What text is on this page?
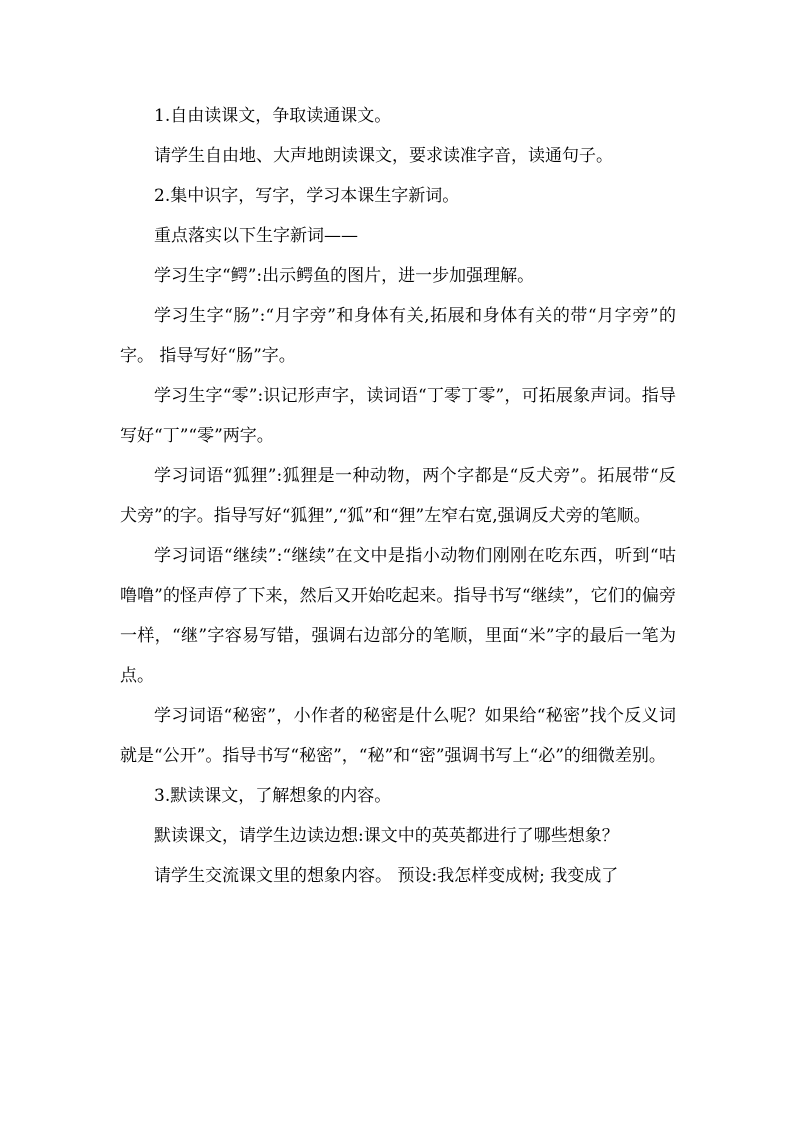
1.自由读课文，争取读通课文。

请学生自由地、大声地朗读课文，要求读准字音，读通句子。

2.集中识字，写字，学习本课生字新词。

重点落实以下生字新词——

学习生字“鳄”:出示鳄鱼的图片，进一步加强理解。

学习生字“肠”:“月字旁”和身体有关,拓展和身体有关的带“月字旁”的字。 指导写好“肠”字。

学习生字“零”:识记形声字，读词语“丁零丁零”，可拓展象声词。指导写好“丁”“零”两字。

学习词语“狐狸”:狐狸是一种动物，两个字都是“反犬旁”。拓展带“反犬旁”的字。指导写好“狐狸”,“狐”和“狸”左窄右宽,强调反犬旁的笔顺。

学习词语“继续”:“继续”在文中是指小动物们刚刚在吃东西，听到“咕噜噜”的怪声停了下来，然后又开始吃起来。指导书写“继续”，它们的偏旁一样，“继”字容易写错，强调右边部分的笔顺，里面“米”字的最后一笔为点。

学习词语“秘密”，小作者的秘密是什么呢？如果给“秘密”找个反义词就是“公开”。指导书写“秘密”，“秘”和“密”强调书写上“必”的细微差别。

3.默读课文，了解想象的内容。

默读课文，请学生边读边想:课文中的英英都进行了哪些想象？

请学生交流课文里的想象内容。 预设:我怎样变成树; 我变成了
